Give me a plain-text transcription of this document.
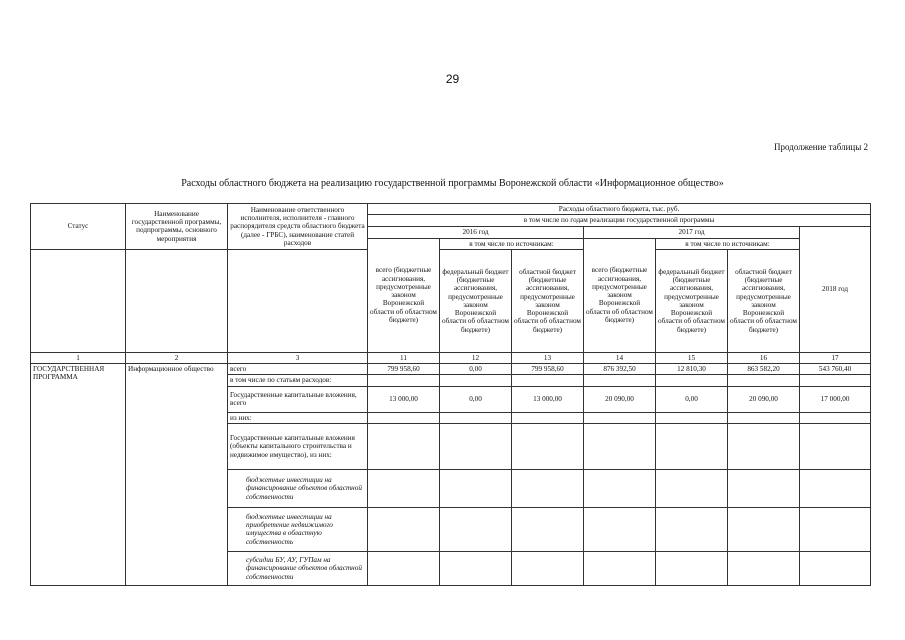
29
Продолжение таблицы 2
Расходы областного бюджета на реализацию государственной программы Воронежской области «Информационное общество»
Статус	Наименование государственной программы, подпрограммы, основного мероприятия	Наименование ответственного исполнителя, исполнителя - главного распорядителя средств областного бюджета (далее - ГРБС), наименование статей расходов	Расходы областного бюджета, тыс. руб.						
			в том числе по годам реализации государственной программы						
			2016 год			2017 год			2018 год
			всего (бюджетные ассигнования, предусмотренные законом Воронежской области об областном бюджете)	в том числе по источникам:		всего (бюджетные ассигнования, предусмотренные законом Воронежской области об областном бюджете)	в том числе по источникам:		
				федеральный бюджет (бюджетные ассигнования, предусмотренные законом Воронежской области об областном бюджете)	областной бюджет (бюджетные ассигнования, предусмотренные законом Воронежской области об областном бюджете)		федеральный бюджет (бюджетные ассигнования, предусмотренные законом Воронежской области об областном бюджете)	областной бюджет (бюджетные ассигнования, предусмотренные законом Воронежской области об областном бюджете)	
1	2	3	11	12	13	14	15	16	17
ГОСУДАРСТВЕННАЯ ПРОГРАММА	Информационное общество	всего	799 958,60	0,00	799 958,60	876 392,50	12 810,30	863 582,20	543 760,40
		в том числе по статьям расходов:							
		Государственные капитальные вложения, всего	13 000,00	0,00	13 000,00	20 090,00	0,00	20 090,00	17 000,00
		из них:							
		Государственные капитальные вложения (объекты капитального строительства и недвижимое имущество), из них:							
		бюджетные инвестиции на финансирование объектов областной собственности							
		бюджетные инвестиции на приобретение недвижимого имущества в областную собственность							
		субсидии БУ, АУ, ГУПам на финансирование объектов областной собственности							
